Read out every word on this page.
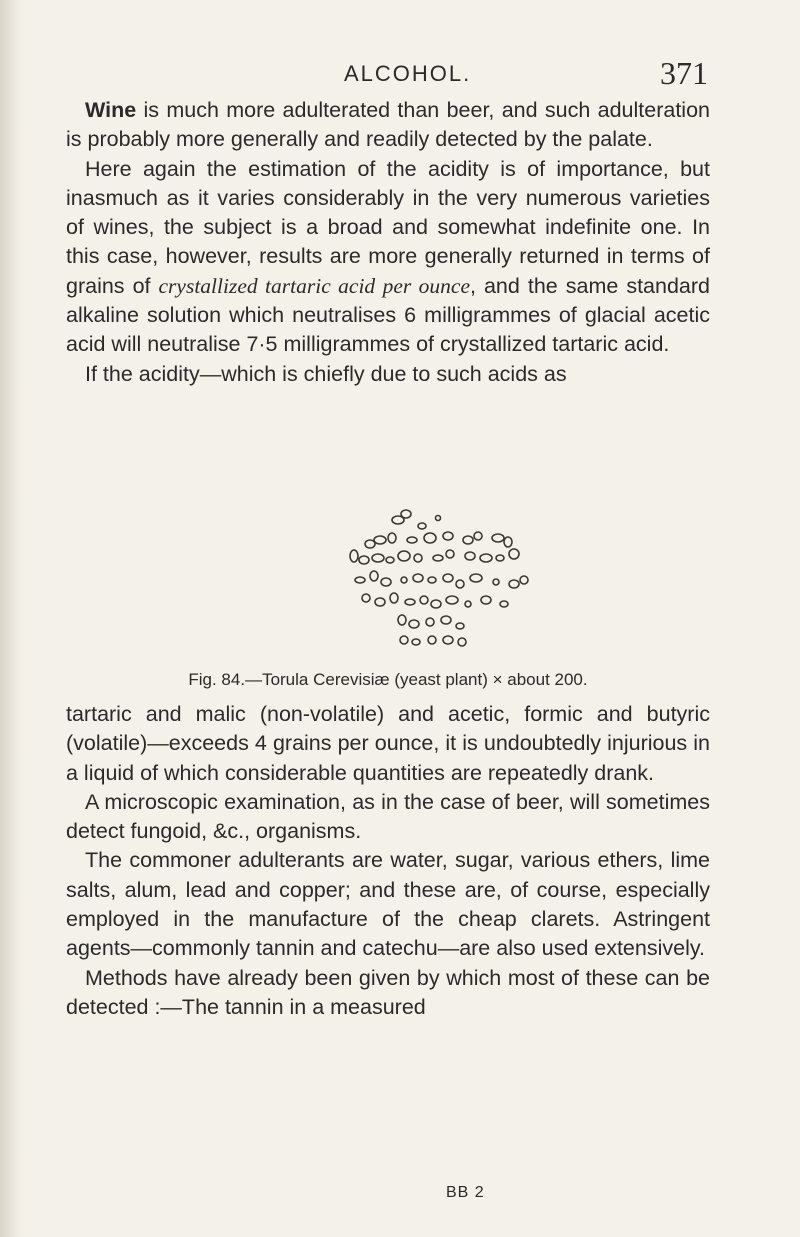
ALCOHOL.	371

Wine is much more adulterated than beer, and such adulteration is probably more generally and readily detected by the palate.

Here again the estimation of the acidity is of importance, but inasmuch as it varies considerably in the very numerous varieties of wines, the subject is a broad and somewhat indefinite one. In this case, however, results are more generally returned in terms of grains of crystallized tartaric acid per ounce, and the same standard alkaline solution which neutralises 6 milligrammes of glacial acetic acid will neutralise 7·5 milligrammes of crystallized tartaric acid.

If the acidity—which is chiefly due to such acids as

Fig. 84.—Torula Cerevisiæ (yeast plant) × about 200.

tartaric and malic (non-volatile) and acetic, formic and butyric (volatile)—exceeds 4 grains per ounce, it is undoubtedly injurious in a liquid of which considerable quantities are repeatedly drank.

A microscopic examination, as in the case of beer, will sometimes detect fungoid, &c., organisms.

The commoner adulterants are water, sugar, various ethers, lime salts, alum, lead and copper; and these are, of course, especially employed in the manufacture of the cheap clarets. Astringent agents—commonly tannin and catechu—are also used extensively.

Methods have already been given by which most of these can be detected :—The tannin in a measured

BB 2
